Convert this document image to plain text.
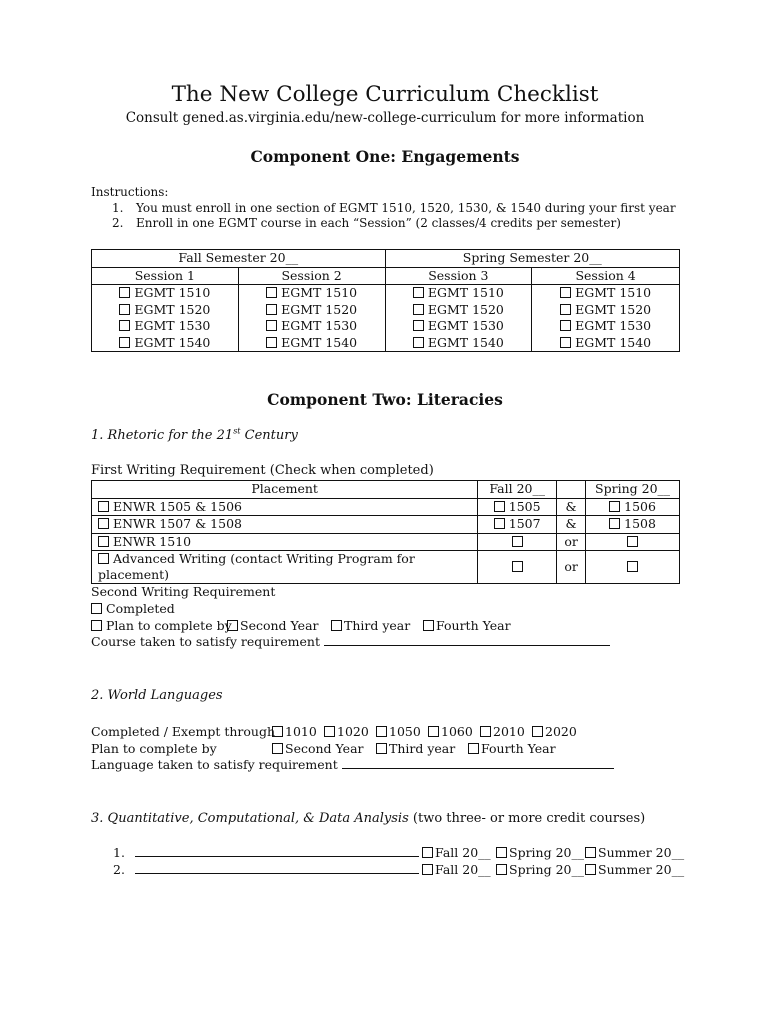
The New College Curriculum Checklist
Consult gened.as.virginia.edu/new-college-curriculum for more information
Component One: Engagements
Instructions:
1. You must enroll in one section of EGMT 1510, 1520, 1530, & 1540 during your first year
2. Enroll in one EGMT course in each “Session” (2 classes/4 credits per semester)
Fall Semester 20__		Spring Semester 20__	
Session 1	Session 2	Session 3	Session 4
EGMT 1510	EGMT 1510	EGMT 1510	EGMT 1510
EGMT 1520	EGMT 1520	EGMT 1520	EGMT 1520
EGMT 1530	EGMT 1530	EGMT 1530	EGMT 1530
EGMT 1540	EGMT 1540	EGMT 1540	EGMT 1540
Component Two: Literacies
1. Rhetoric for the 21st Century
First Writing Requirement (Check when completed)
Placement	Fall 20__		Spring 20__
ENWR 1505 & 1506	1505	&	1506
ENWR 1507 & 1508	1507	&	1508
ENWR 1510		or	
Advanced Writing (contact Writing Program for placement)		or	
Second Writing Requirement
Completed
Plan to complete by Second Year	Third year	Fourth Year
Course taken to satisfy requirement
2. World Languages
Completed / Exempt through 1010	1020	1050	1060	2010	2020
Plan to complete by	Second Year	Third year	Fourth Year
Language taken to satisfy requirement
3. Quantitative, Computational, & Data Analysis (two three- or more credit courses)
1.	Fall 20__	Spring 20__	Summer 20__
2.	Fall 20__	Spring 20__	Summer 20__
